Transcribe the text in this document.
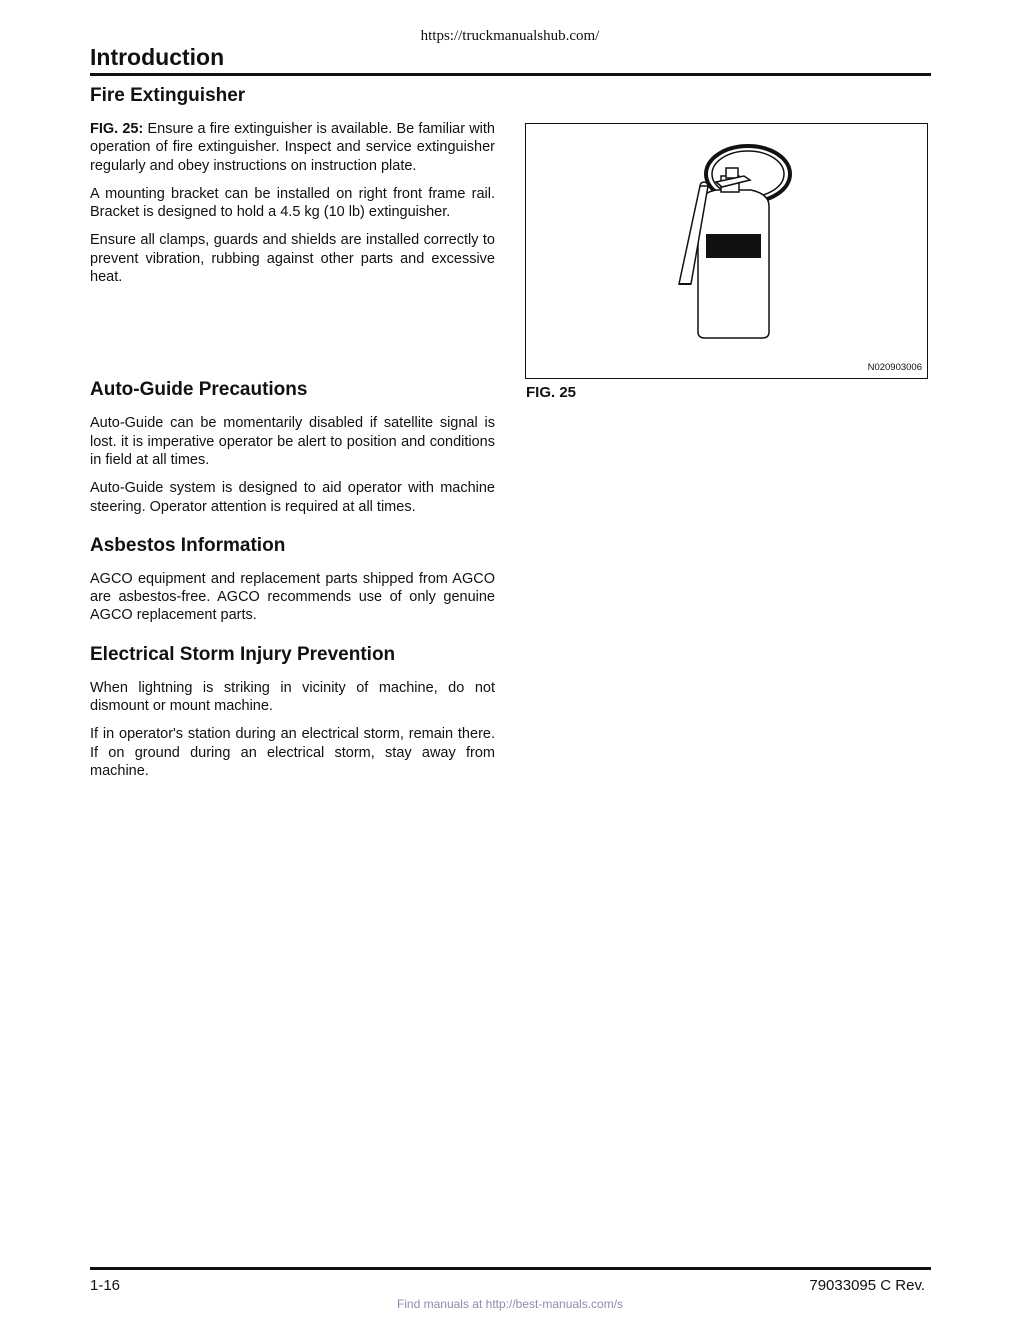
https://truckmanualshub.com/
Introduction
Fire Extinguisher

FIG. 25: Ensure a fire extinguisher is available. Be familiar with operation of fire extinguisher. Inspect and service extinguisher regularly and obey instructions on instruction plate.

A mounting bracket can be installed on right front frame rail. Bracket is designed to hold a 4.5 kg (10 lb) extinguisher.

Ensure all clamps, guards and shields are installed correctly to prevent vibration, rubbing against other parts and excessive heat.

Auto-Guide Precautions

Auto-Guide can be momentarily disabled if satellite signal is lost. it is imperative operator be alert to position and conditions in field at all times.

Auto-Guide system is designed to aid operator with machine steering. Operator attention is required at all times.

Asbestos Information

AGCO equipment and replacement parts shipped from AGCO are asbestos-free. AGCO recommends use of only genuine AGCO replacement parts.

Electrical Storm Injury Prevention

When lightning is striking in vicinity of machine, do not dismount or mount machine.

If in operator's station during an electrical storm, remain there. If on ground during an electrical storm, stay away from machine.

N020903006
FIG. 25
1-16	79033095 C Rev.
Find manuals at http://best-manuals.com/s
